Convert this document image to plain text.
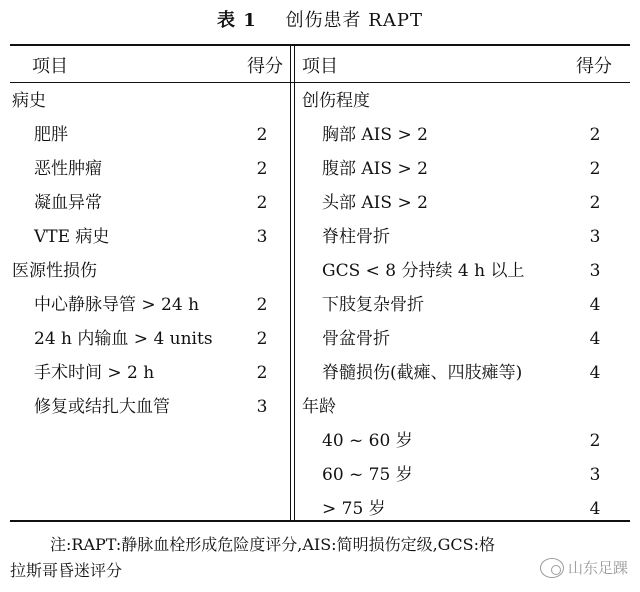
表 1 创伤患者 RAPT
项目	得分 项目	得分
病史
肥胖	2
恶性肿瘤	2
凝血异常	2
VTE 病史	3
医源性损伤
中心静脉导管 > 24 h	2
24 h 内输血 > 4 units	2
手术时间 > 2 h	2
修复或结扎大血管	3
创伤程度
胸部 AIS > 2	2
腹部 AIS > 2	2
头部 AIS > 2	2
脊柱骨折	3
GCS < 8 分持续 4 h 以上	3
下肢复杂骨折	4
骨盆骨折	4
脊髓损伤(截瘫、四肢瘫等)	4
年龄
40 ~ 60 岁	2
60 ~ 75 岁	3
> 75 岁	4
注:RAPT:静脉血栓形成危险度评分,AIS:简明损伤定级,GCS:格
拉斯哥昏迷评分	山东足踝
